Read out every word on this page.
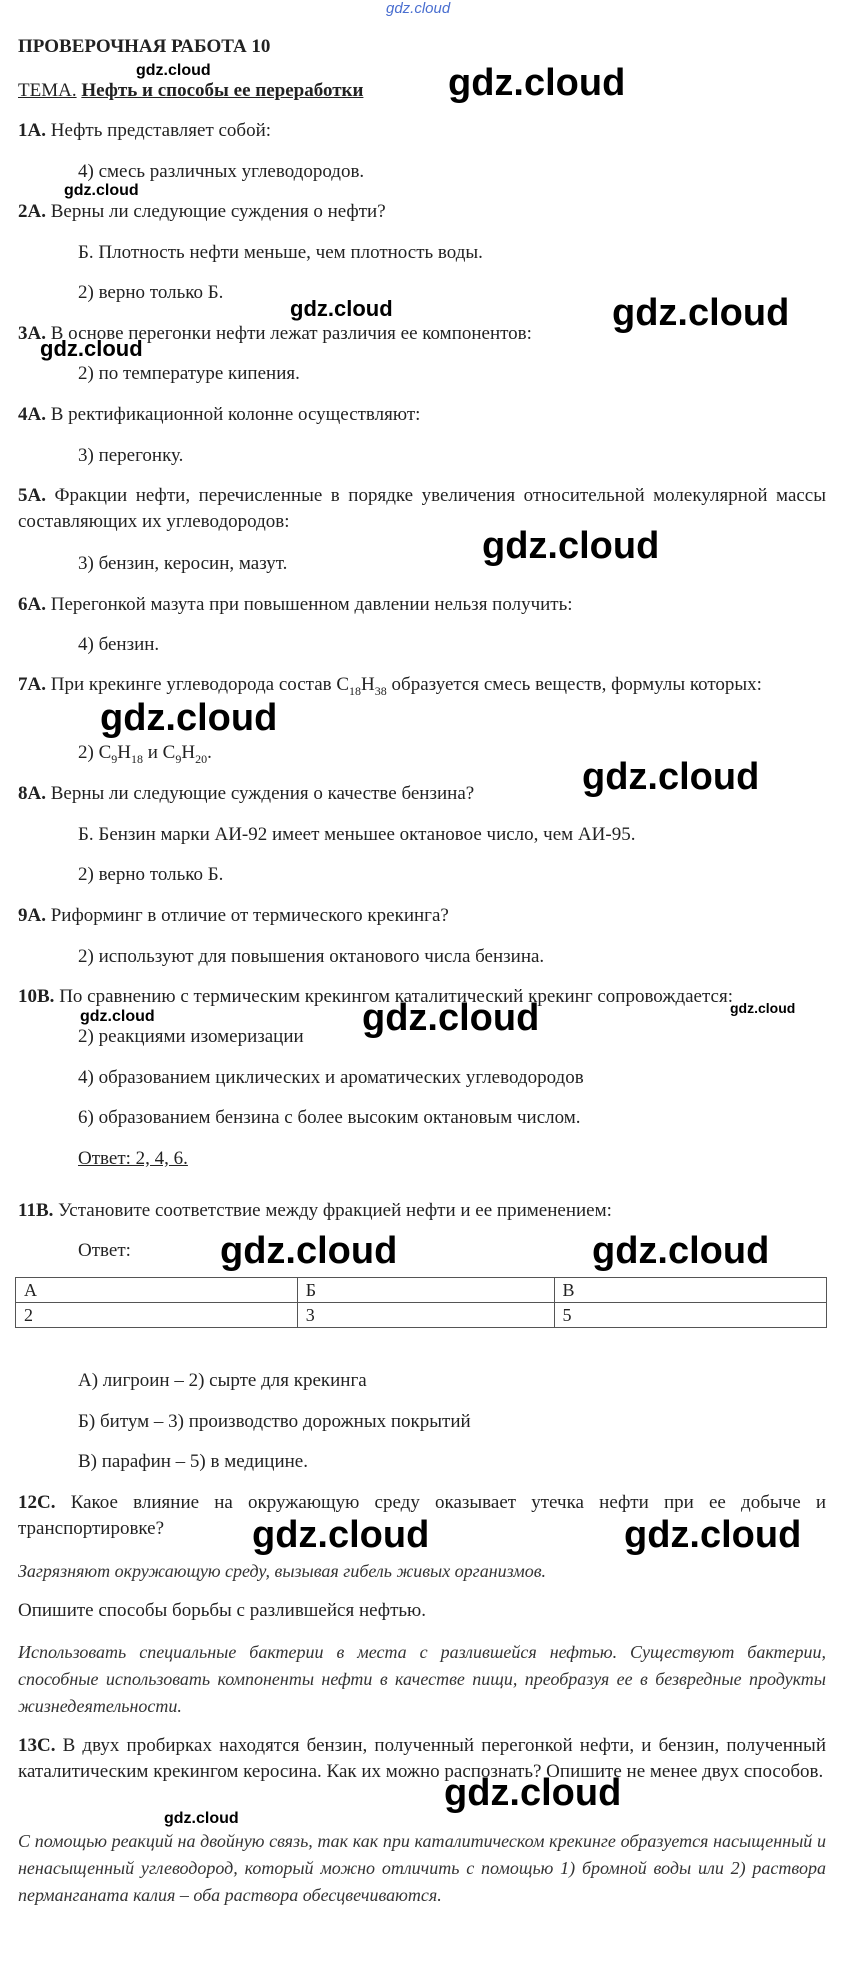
gdz.cloud
ПРОВЕРОЧНАЯ РАБОТА 10
ТЕМА. Нефть и способы ее переработки
1А. Нефть представляет собой:
4) смесь различных углеводородов.
2А. Верны ли следующие суждения о нефти?
Б. Плотность нефти меньше, чем плотность воды.
2) верно только Б.
3А. В основе перегонки нефти лежат различия ее компонентов:
2) по температуре кипения.
4А. В ректификационной колонне осуществляют:
3) перегонку.
5А. Фракции нефти, перечисленные в порядке увеличения относительной молекулярной массы составляющих их углеводородов:
3) бензин, керосин, мазут.
6А. Перегонкой мазута при повышенном давлении нельзя получить:
4) бензин.
7А. При крекинге углеводорода состав $C_{18}H_{38}$ образуется смесь веществ, формулы которых:
2) $C_9H_{18}$ и $C_9H_{20}$.
8А. Верны ли следующие суждения о качестве бензина?
Б. Бензин марки АИ-92 имеет меньшее октановое число, чем АИ-95.
2) верно только Б.
9А. Риформинг в отличие от термического крекинга?
2) используют для повышения октанового числа бензина.
10В. По сравнению с термическим крекингом каталитический крекинг сопровождается:
2) реакциями изомеризации
4) образованием циклических и ароматических углеводородов
6) образованием бензина с более высоким октановым числом.
Ответ: 2, 4, 6.
11В. Установите соответствие между фракцией нефти и ее применением:
Ответ:
А	Б	В
2	3	5
А) лигроин – 2) сырте для крекинга
Б) битум – 3) производство дорожных покрытий
В) парафин – 5) в медицине.
12С. Какое влияние на окружающую среду оказывает утечка нефти при ее добыче и транспортировке?
Загрязняют окружающую среду, вызывая гибель живых организмов.
Опишите способы борьбы с разлившейся нефтью.
Использовать специальные бактерии в места с разлившейся нефтью. Существуют бактерии, способные использовать компоненты нефти в качестве пищи, преобразуя ее в безвредные продукты жизнедеятельности.
13С. В двух пробирках находятся бензин, полученный перегонкой нефти, и бензин, полученный каталитическим крекингом керосина. Как их можно распознать? Опишите не менее двух способов.
С помощью реакций на двойную связь, так как при каталитическом крекинге образуется насыщенный и ненасыщенный углеводород, который можно отличить с помощью 1) бромной воды или 2) раствора перманганата калия – оба раствора обесцвечиваются.
gdz.cloud	gdz.cloud
gdz.cloud
gdz.cloud	gdz.cloud
gdz.cloud
gdz.cloud
gdz.cloud
gdz.cloud
gdz.cloud	gdz.cloud	gdz.cloud
gdz.cloud	gdz.cloud
gdz.cloud	gdz.cloud
gdz.cloud
gdz.cloud
